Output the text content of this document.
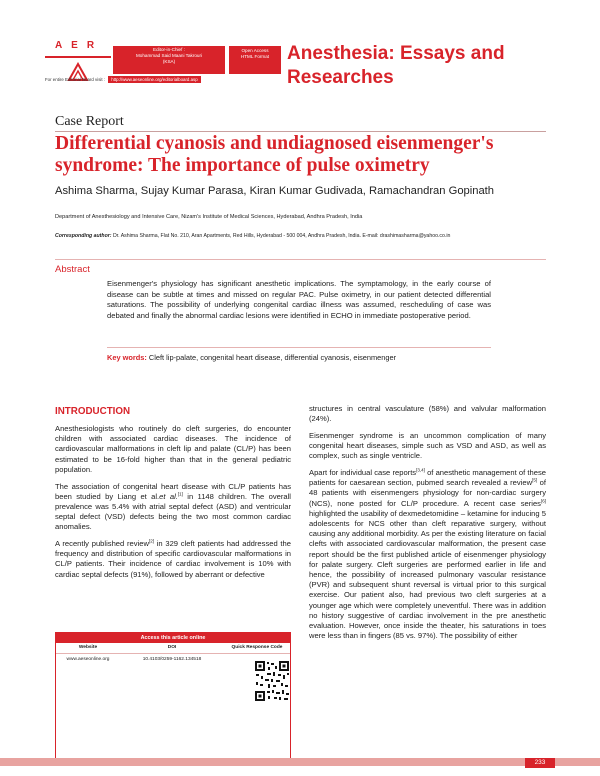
AER	Editor-in-Chief :
Mohammad Said Maani Takrouri
(KSA)
Open Access
HTML Format
For entire Editorial Board visit : http://www.aeseonline.org/editorialboard.asp
Anesthesia: Essays and Researches
Case Report
Differential cyanosis and undiagnosed eisenmenger's syndrome: The importance of pulse oximetry
Ashima Sharma, Sujay Kumar Parasa, Kiran Kumar Gudivada, Ramachandran Gopinath
Department of Anesthesiology and Intensive Care, Nizam's Institute of Medical Sciences, Hyderabad, Andhra Pradesh, India
Corresponding author: Dr. Ashima Sharma, Flat No. 210, Aran Apartments, Red Hills, Hyderabad - 500 004, Andhra Pradesh, India. E-mail: drashimasharma@yahoo.co.in
Abstract
Eisenmenger's physiology has significant anesthetic implications. The symptamology, in the early course of disease can be subtle at times and missed on regular PAC. Pulse oximetry, in our patient detected differential saturations. The possibility of underlying congenital cardiac illness was assumed, rescheduling of case was debated and finally the abnormal cardiac lesions were identified in ECHO in immediate postoperative period.
Key words: Cleft lip-palate, congenital heart disease, differential cyanosis, eisenmenger
INTRODUCTION

Anesthesiologists who routinely do cleft surgeries, do encounter children with associated cardiac diseases. The incidence of cardiovascular malformations in cleft lip and palate (CL/P) has been estimated to be 16-fold higher than that in the general pediatric population.

The association of congenital heart disease with CL/P patients has been studied by Liang et al.et al.[1] in 1148 children. The overall prevalence was 5.4% with atrial septal defect (ASD) and ventricular septal defect (VSD) defects being the two most common cardiac anomalies.

A recently published review[2] in 329 cleft patients had addressed the frequency and distribution of specific cardiovascular malformations in CL/P patients. Their incidence of cardiac involvement is 10% with cardiac septal defects (91%), followed by aberrant or defective

structures in central vasculature (58%) and valvular malformation (24%).

Eisenmenger syndrome is an uncommon complication of many congenital heart diseases, simple such as VSD and ASD, as well as complex, such as single ventricle.

Apart for individual case reports[3,4] of anesthetic management of these patients for caesarean section, pubmed search revealed a review[5] of 48 patients with eisenmengers physiology for non-cardiac surgery (NCS), none posted for CL/P procedure. A recent case series[6] highlighted the usability of dexmedetomidine – ketamine for inducing 5 adolescents for NCS other than cleft reparative surgery, without causing any additional morbidity. As per the existing literature on facial clefts with associated cardiovascular malformation, the present case report should be the first published article of eisenmenger physiology for palate surgery. Cleft surgeries are performed earlier in life and hence, the possibility of increased pulmonary vascular resistance (PVR) and subsequent shunt reversal is virtual prior to this surgical exercise. Our patient also, had previous two cleft surgeries at a younger age which were completely uneventful. There was in addition no history suggestive of cardiac involvement in the pre anesthetic evaluation. However, once inside the theater, his saturations in toes were less than in fingers (85 vs. 97%). The possibility of either

Access this article online
Website	DOI	Quick Response Code
www.aeseonline.org	10.4103/0259-1162.134518
233
